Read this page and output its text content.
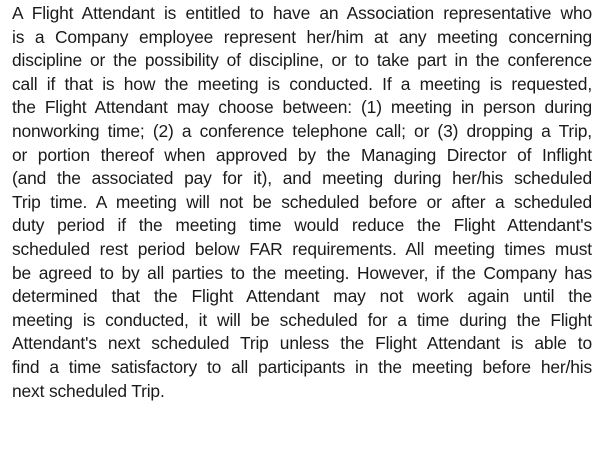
A Flight Attendant is entitled to have an Association representative who
is a Company employee represent her/him at any meeting concerning
discipline or the possibility of discipline, or to take part in the conference
call if that is how the meeting is conducted. If a meeting is requested,
the Flight Attendant may choose between: (1) meeting in person during
nonworking time; (2) a conference telephone call; or (3) dropping a Trip,
or portion thereof when approved by the Managing Director of Inflight
(and the associated pay for it), and meeting during her/his scheduled
Trip time. A meeting will not be scheduled before or after a scheduled
duty period if the meeting time would reduce the Flight Attendant's
scheduled rest period below FAR requirements. All meeting times must
be agreed to by all parties to the meeting. However, if the Company has
determined that the Flight Attendant may not work again until the
meeting is conducted, it will be scheduled for a time during the Flight
Attendant's next scheduled Trip unless the Flight Attendant is able to
find a time satisfactory to all participants in the meeting before her/his
next scheduled Trip.
